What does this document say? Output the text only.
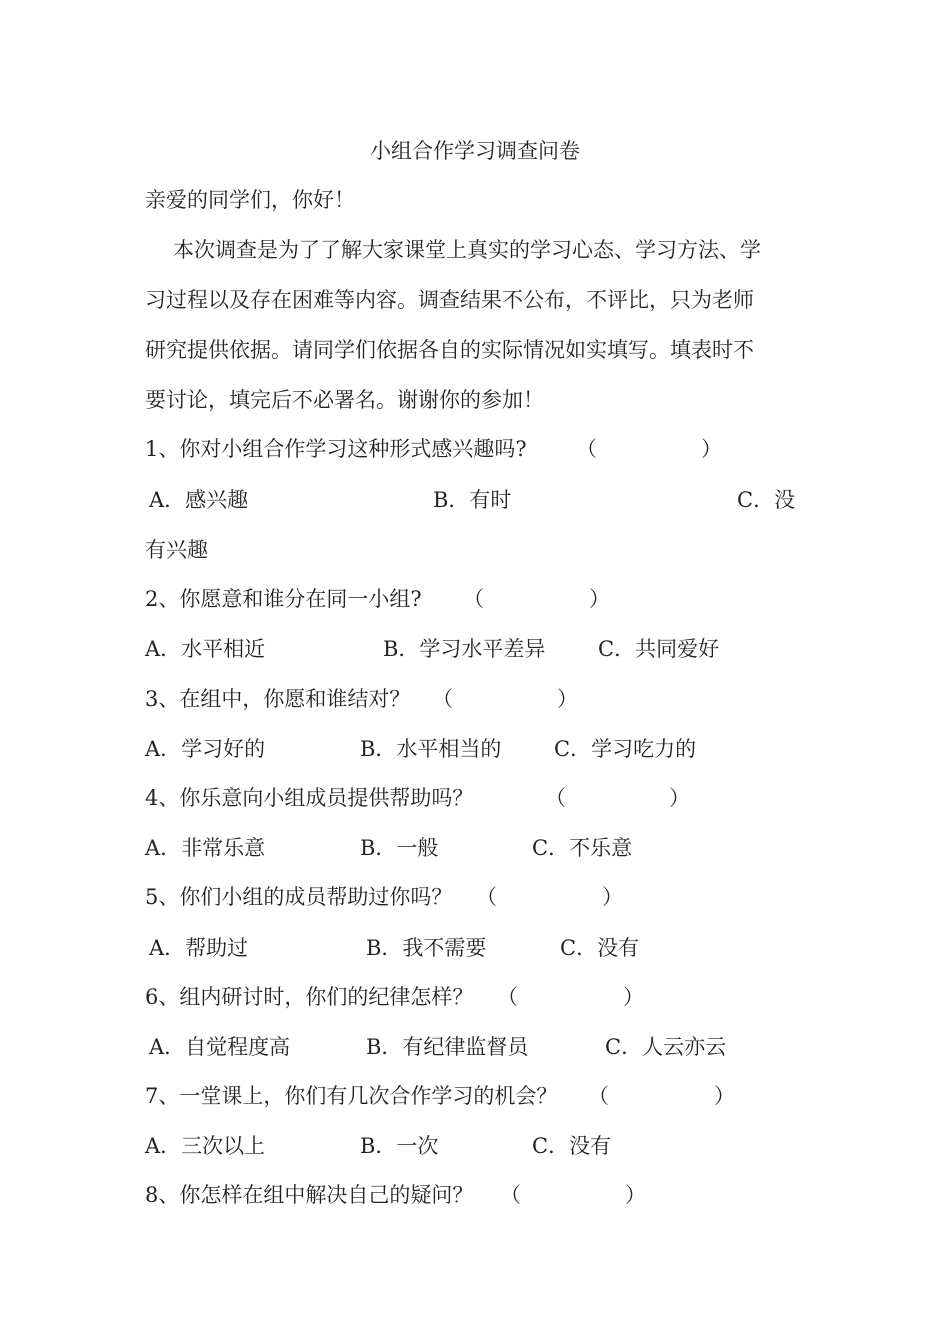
小组合作学习调查问卷
亲爱的同学们，你好！
本次调查是为了了解大家课堂上真实的学习心态、学习方法、学
习过程以及存在困难等内容。调查结果不公布，不评比，只为老师
研究提供依据。请同学们依据各自的实际情况如实填写。填表时不
要讨论，填完后不必署名。谢谢你的参加！
1、你对小组合作学习这种形式感兴趣吗? （	）
A．感兴趣	B．有时	C．没
有兴趣
2、你愿意和谁分在同一小组? （	）
A．水平相近	B．学习水平差异	C．共同爱好
3、在组中，你愿和谁结对？ （	）
A．学习好的	B．水平相当的	C．学习吃力的
4、你乐意向小组成员提供帮助吗？	（	）
A．非常乐意	B．一般	C．不乐意
5、你们小组的成员帮助过你吗？ （	）
A．帮助过	B．我不需要	C．没有
6、组内研讨时，你们的纪律怎样？ （	）
A．自觉程度高	B．有纪律监督员	C．人云亦云
7、一堂课上，你们有几次合作学习的机会？ （	）
A．三次以上	B．一次	C．没有
8、你怎样在组中解决自己的疑问？ （	）
